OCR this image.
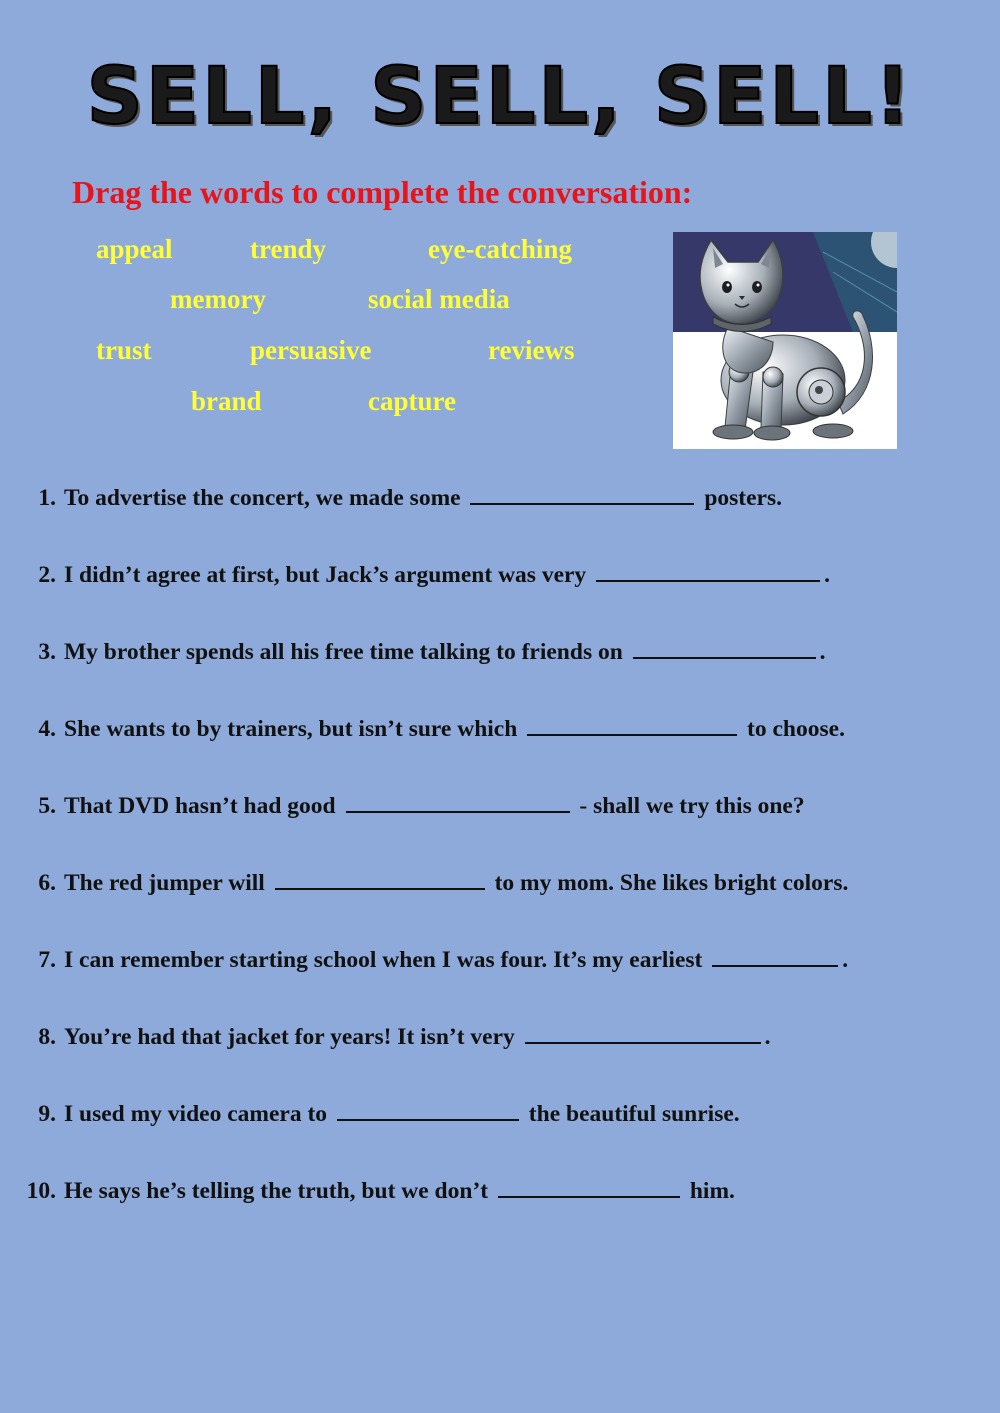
SELL, SELL, SELL!

Drag the words to complete the conversation:

appeal	trendy	eye-catching
memory	social media
trust	persuasive	reviews
brand	capture
1. To advertise the concert, we made some	posters.
2. I didn’t agree at first, but Jack’s argument was very	.
3. My brother spends all his free time talking to friends on	.
4. She wants to by trainers, but isn’t sure which	to choose.
5. That DVD hasn’t had good	- shall we try this one?
6. The red jumper will	to my mom. She likes bright colors.
7. I can remember starting school when I was four. It’s my earliest	.
8. You’re had that jacket for years! It isn’t very	.
9. I used my video camera to	the beautiful sunrise.
10. He says he’s telling the truth, but we don’t	him.
